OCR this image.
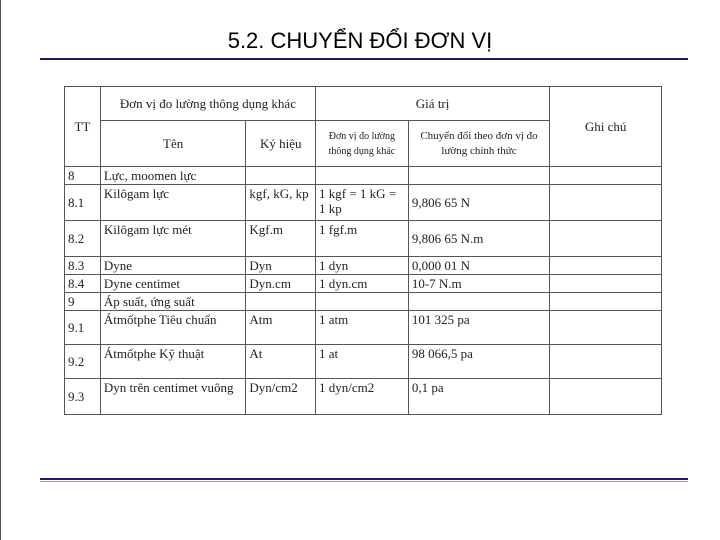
5.2. CHUYỂN ĐỔI ĐƠN VỊ
TT	Đơn vị đo lường thông dụng khác		Giá trị		Ghi chú
	Tên	Ký hiệu	Đơn vị đo lường thông dụng khác	Chuyển đổi theo đơn vị đo lường chính thức	
8	Lực, moomen lực				
8.1	Kilôgam lực	kgf, kG, kp	1 kgf = 1 kG = 1 kp	9,806 65 N	
8.2	Kilôgam lực mét	Kgf.m	1 fgf.m	9,806 65 N.m	
8.3	Dyne	Dyn	1 dyn	0,000 01 N	
8.4	Dyne centimet	Dyn.cm	1 dyn.cm	10-7 N.m	
9	Áp suất, ứng suất				
9.1	Átmốtphe Tiêu chuẩn	Atm	1 atm	101 325 pa	
9.2	Átmốtphe Kỹ thuật	At	1 at	98 066,5 pa	
9.3	Dyn trên centimet vuông	Dyn/cm2	1 dyn/cm2	0,1 pa	
